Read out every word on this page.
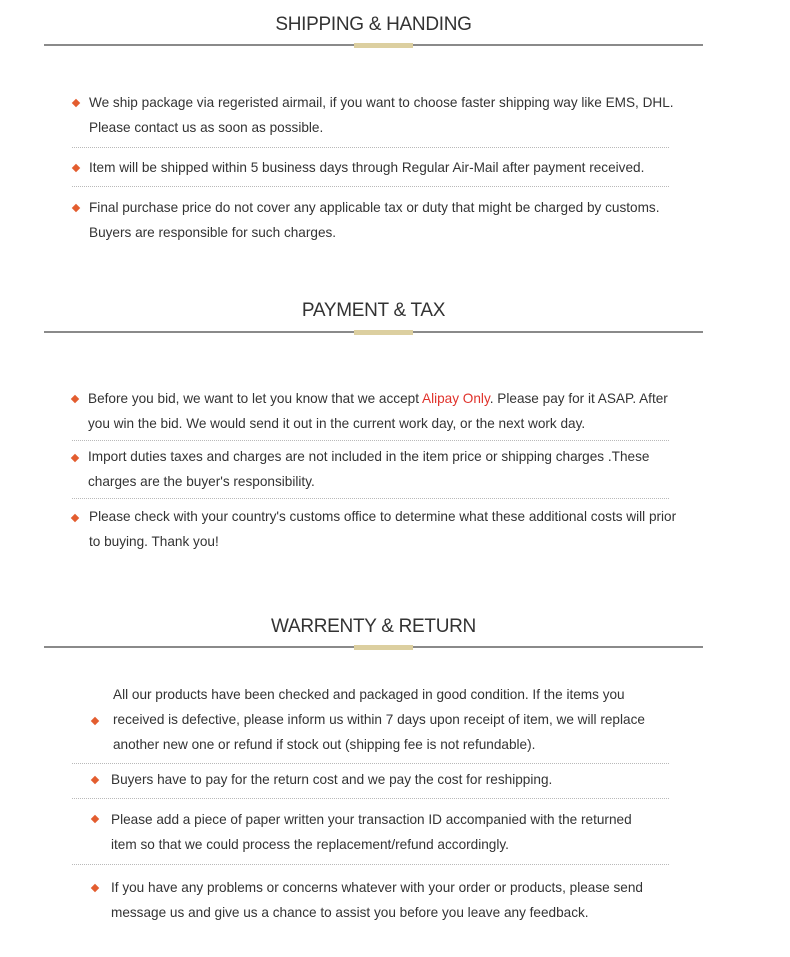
SHIPPING & HANDING
We ship package via regeristed airmail, if you want to choose faster shipping way like EMS, DHL. Please contact us as soon as possible.
Item will be shipped within 5 business days through Regular Air-Mail after payment received.
Final purchase price do not cover any applicable tax or duty that might be charged by customs. Buyers are responsible for such charges.
PAYMENT & TAX
Before you bid, we want to let you know that we accept Alipay Only. Please pay for it ASAP. After you win the bid. We would send it out in the current work day, or the next work day.
Import duties taxes and charges are not included in the item price or shipping charges .These charges are the buyer's responsibility.
Please check with your country's customs office to determine what these additional costs will prior to buying. Thank you!
WARRENTY & RETURN
All our products have been checked and packaged in good condition. If the items you received is defective, please inform us within 7 days upon receipt of item, we will replace another new one or refund if stock out (shipping fee is not refundable).
Buyers have to pay for the return cost and we pay the cost for reshipping.
Please add a piece of paper written your transaction ID accompanied with the returned item so that we could process the replacement/refund accordingly.
If you have any problems or concerns whatever with your order or products, please send message us and give us a chance to assist you before you leave any feedback.
